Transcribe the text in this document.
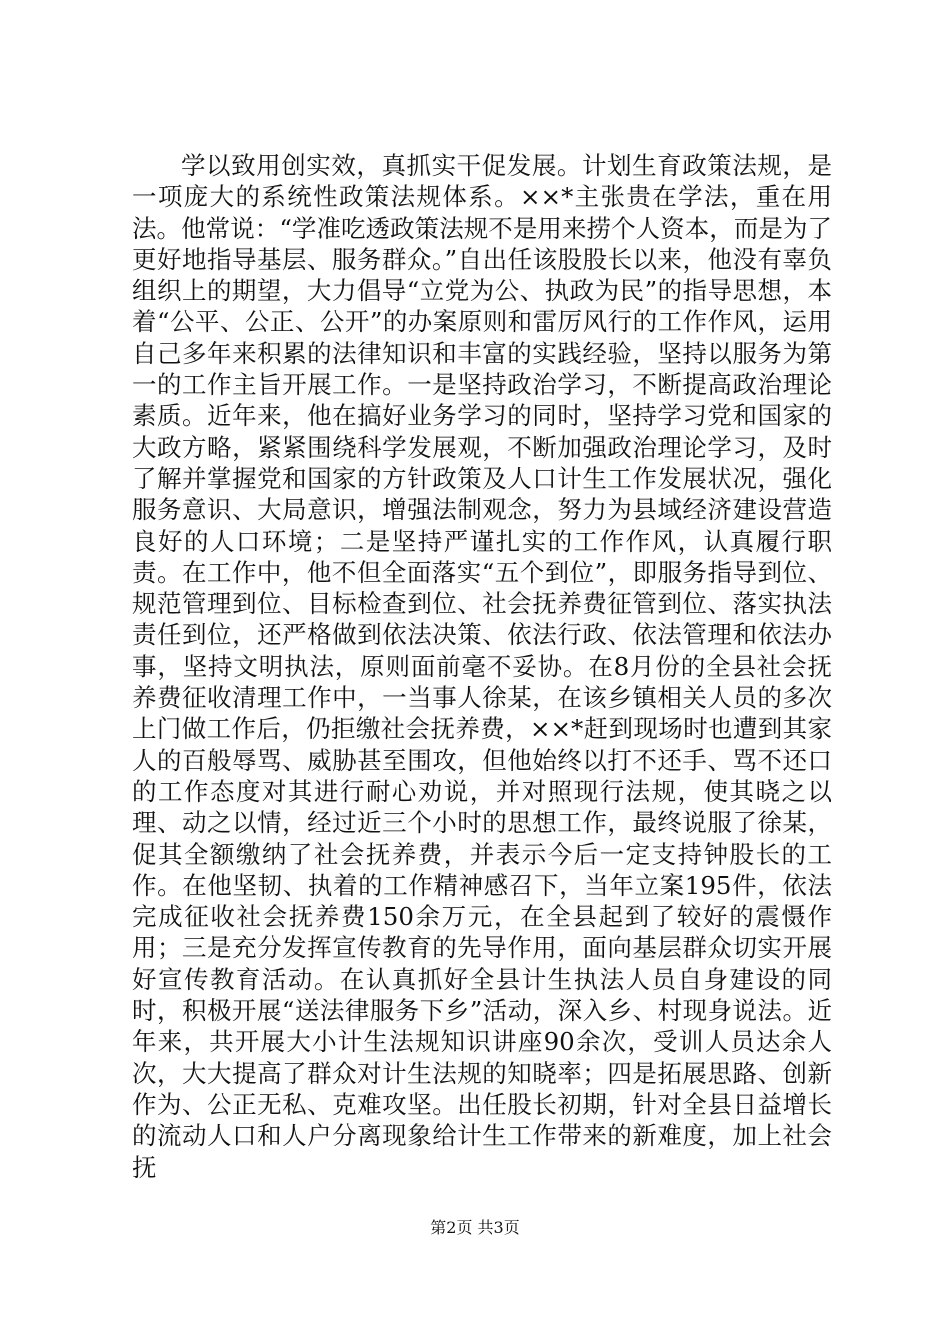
学以致用创实效，真抓实干促发展。计划生育政策法规，是一项庞大的系统性政策法规体系。××*主张贵在学法，重在用法。他常说：“学准吃透政策法规不是用来捞个人资本，而是为了更好地指导基层、服务群众。”自出任该股股长以来，他没有辜负组织上的期望，大力倡导“立党为公、执政为民”的指导思想，本着“公平、公正、公开”的办案原则和雷厉风行的工作作风，运用自己多年来积累的法律知识和丰富的实践经验，坚持以服务为第一的工作主旨开展工作。一是坚持政治学习，不断提高政治理论素质。近年来，他在搞好业务学习的同时，坚持学习党和国家的大政方略，紧紧围绕科学发展观，不断加强政治理论学习，及时了解并掌握党和国家的方针政策及人口计生工作发展状况，强化服务意识、大局意识，增强法制观念，努力为县域经济建设营造良好的人口环境；二是坚持严谨扎实的工作作风，认真履行职责。在工作中，他不但全面落实“五个到位”，即服务指导到位、规范管理到位、目标检查到位、社会抚养费征管到位、落实执法责任到位，还严格做到依法决策、依法行政、依法管理和依法办事，坚持文明执法，原则面前毫不妥协。在8月份的全县社会抚养费征收清理工作中，一当事人徐某，在该乡镇相关人员的多次上门做工作后，仍拒缴社会抚养费，××*赶到现场时也遭到其家人的百般辱骂、威胁甚至围攻，但他始终以打不还手、骂不还口的工作态度对其进行耐心劝说，并对照现行法规，使其晓之以理、动之以情，经过近三个小时的思想工作，最终说服了徐某，促其全额缴纳了社会抚养费，并表示今后一定支持钟股长的工作。在他坚韧、执着的工作精神感召下，当年立案195件，依法完成征收社会抚养费150余万元，在全县起到了较好的震慑作用；三是充分发挥宣传教育的先导作用，面向基层群众切实开展好宣传教育活动。在认真抓好全县计生执法人员自身建设的同时，积极开展“送法律服务下乡”活动，深入乡、村现身说法。近年来，共开展大小计生法规知识讲座90余次，受训人员达余人次，大大提高了群众对计生法规的知晓率；四是拓展思路、创新作为、公正无私、克难攻坚。出任股长初期，针对全县日益增长的流动人口和人户分离现象给计生工作带来的新难度，加上社会抚

第2页 共3页
